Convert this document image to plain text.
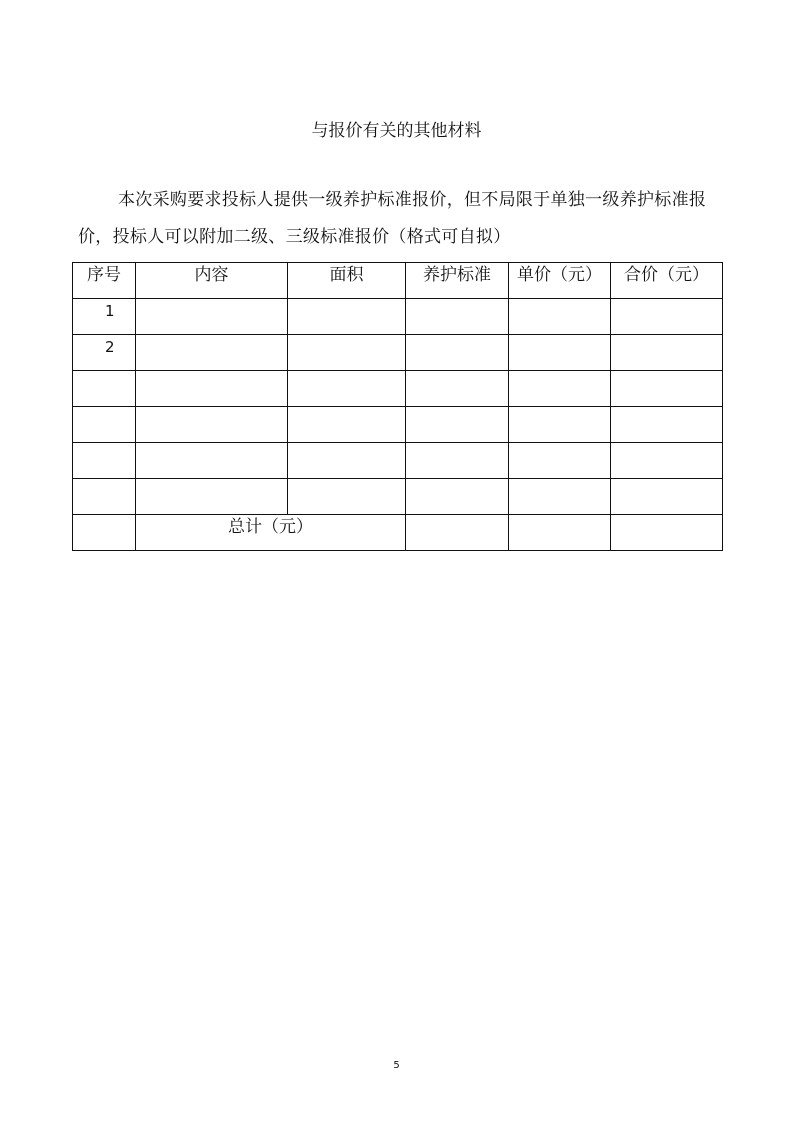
与报价有关的其他材料
本次采购要求投标人提供一级养护标准报价，但不局限于单独一级养护标准报价，投标人可以附加二级、三级标准报价（格式可自拟）
序号	内容	面积	养护标准	单价（元）	合价（元）
1					
2					

	总计（元）				
5
